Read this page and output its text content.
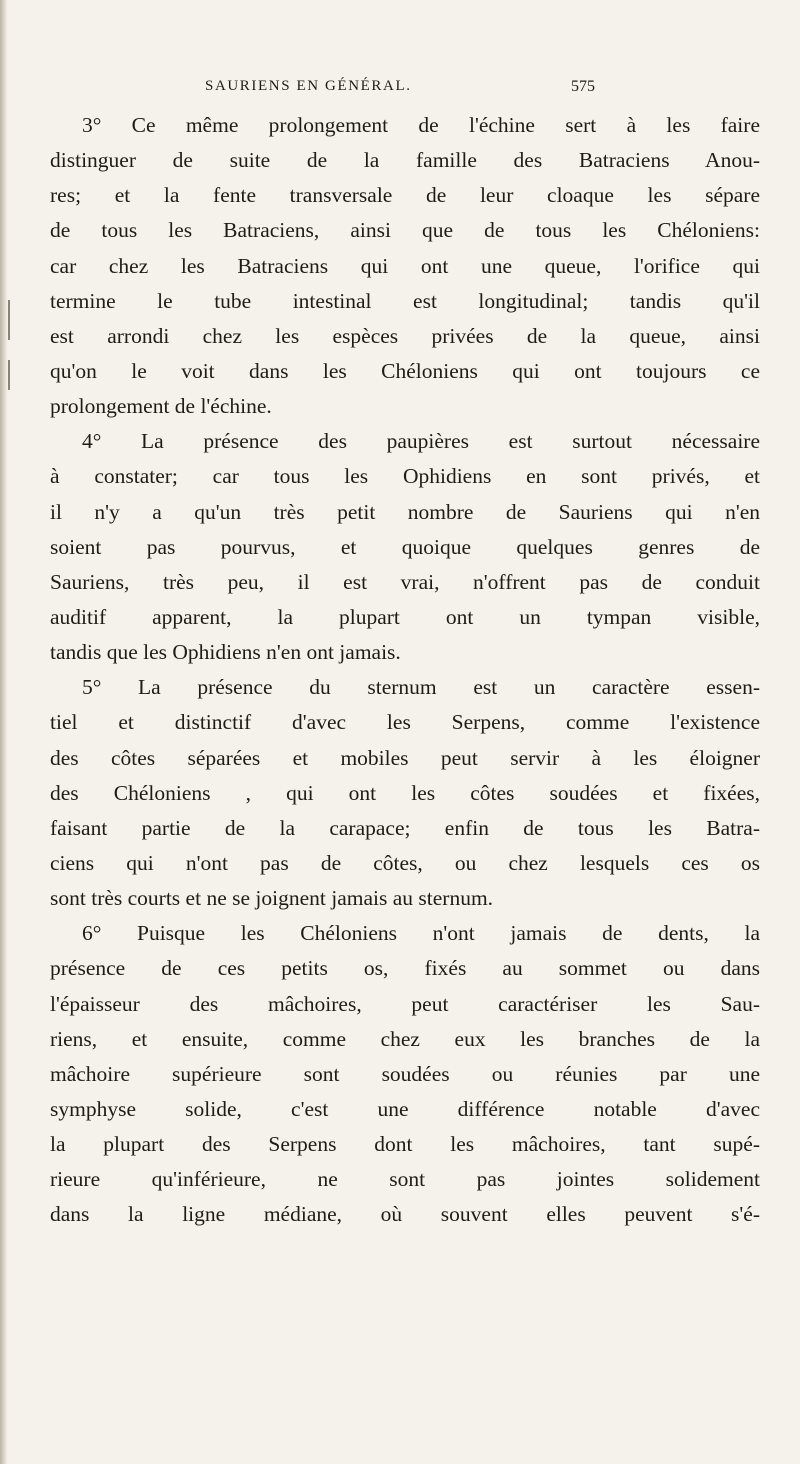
SAURIENS EN GÉNÉRAL.	575
3° Ce même prolongement de l'échine sert à les faire
distinguer de suite de la famille des Batraciens Anou-
res; et la fente transversale de leur cloaque les sépare
de tous les Batraciens, ainsi que de tous les Chéloniens:
car chez les Batraciens qui ont une queue, l'orifice qui
termine le tube intestinal est longitudinal; tandis qu'il
est arrondi chez les espèces privées de la queue, ainsi
qu'on le voit dans les Chéloniens qui ont toujours ce
prolongement de l'échine.
4° La présence des paupières est surtout nécessaire
à constater; car tous les Ophidiens en sont privés, et
il n'y a qu'un très petit nombre de Sauriens qui n'en
soient pas pourvus, et quoique quelques genres de
Sauriens, très peu, il est vrai, n'offrent pas de conduit
auditif apparent, la plupart ont un tympan visible,
tandis que les Ophidiens n'en ont jamais.
5° La présence du sternum est un caractère essen-
tiel et distinctif d'avec les Serpens, comme l'existence
des côtes séparées et mobiles peut servir à les éloigner
des Chéloniens , qui ont les côtes soudées et fixées,
faisant partie de la carapace; enfin de tous les Batra-
ciens qui n'ont pas de côtes, ou chez lesquels ces os
sont très courts et ne se joignent jamais au sternum.
6° Puisque les Chéloniens n'ont jamais de dents, la
présence de ces petits os, fixés au sommet ou dans
l'épaisseur des mâchoires, peut caractériser les Sau-
riens, et ensuite, comme chez eux les branches de la
mâchoire supérieure sont soudées ou réunies par une
symphyse solide, c'est une différence notable d'avec
la plupart des Serpens dont les mâchoires, tant supé-
rieure qu'inférieure, ne sont pas jointes solidement
dans la ligne médiane, où souvent elles peuvent s'é-
